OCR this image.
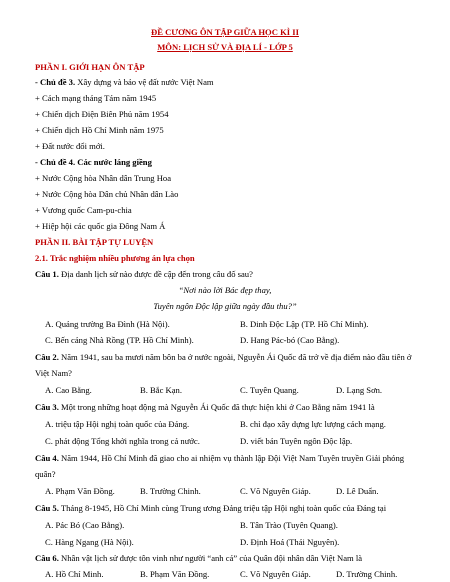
ĐỀ CƯƠNG ÔN TẬP GIỮA HỌC KÌ II
MÔN: LỊCH SỬ VÀ ĐỊA LÍ - LỚP 5
PHẦN I. GIỚI HẠN ÔN TẬP
- Chủ đề 3. Xây dựng và bảo vệ đất nước Việt Nam
+ Cách mạng tháng Tám năm 1945
+ Chiến dịch Điện Biên Phủ năm 1954
+ Chiến dịch Hồ Chí Minh năm 1975
+ Đất nước đổi mới.
- Chủ đề 4. Các nước láng giềng
+ Nước Cộng hòa Nhân dân Trung Hoa
+ Nước Cộng hòa Dân chủ Nhân dân Lào
+ Vương quốc Cam-pu-chia
+ Hiệp hội các quốc gia Đông Nam Á
PHẦN II. BÀI TẬP TỰ LUYỆN
2.1. Trắc nghiệm nhiều phương án lựa chọn
Câu 1. Địa danh lịch sử nào được đề cập đến trong câu đố sau?
“Nơi nào lời Bác đẹp thay,
Tuyên ngôn Độc lập giữa ngày đầu thu?”
A. Quảng trường Ba Đình (Hà Nội).	B. Dinh Độc Lập (TP. Hồ Chí Minh).
C. Bến cảng Nhà Rồng (TP. Hồ Chí Minh).	D. Hang Pác-bó (Cao Bằng).
Câu 2. Năm 1941, sau ba mươi năm bôn ba ở nước ngoài, Nguyễn Ái Quốc đã trở về địa điểm nào đầu tiên ở
Việt Nam?
A. Cao Bằng.	B. Bắc Kạn.	C. Tuyên Quang.	D. Lạng Sơn.
Câu 3. Một trong những hoạt động mà Nguyễn Ái Quốc đã thực hiện khi ở Cao Bằng năm 1941 là
A. triệu tập Hội nghị toàn quốc của Đảng.	B. chỉ đạo xây dựng lực lượng cách mạng.
C. phát động Tổng khởi nghĩa trong cả nước.	D. viết bản Tuyên ngôn Độc lập.
Câu 4. Năm 1944, Hồ Chí Minh đã giao cho ai nhiệm vụ thành lập Đội Việt Nam Tuyên truyền Giải phóng
quân?
A. Phạm Văn Đồng.	B. Trường Chinh.	C. Võ Nguyên Giáp.	D. Lê Duẩn.
Câu 5. Tháng 8-1945, Hồ Chí Minh cùng Trung ương Đảng triệu tập Hội nghị toàn quốc của Đảng tại
A. Pác Bó (Cao Bằng).	B. Tân Trào (Tuyên Quang).
C. Hàng Ngang (Hà Nội).	D. Định Hoá (Thái Nguyên).
Câu 6. Nhân vật lịch sử được tôn vinh như người “anh cả” của Quân đội nhân dân Việt Nam là
A. Hồ Chí Minh.	B. Phạm Văn Đồng.	C. Võ Nguyên Giáp.	D. Trường Chinh.
